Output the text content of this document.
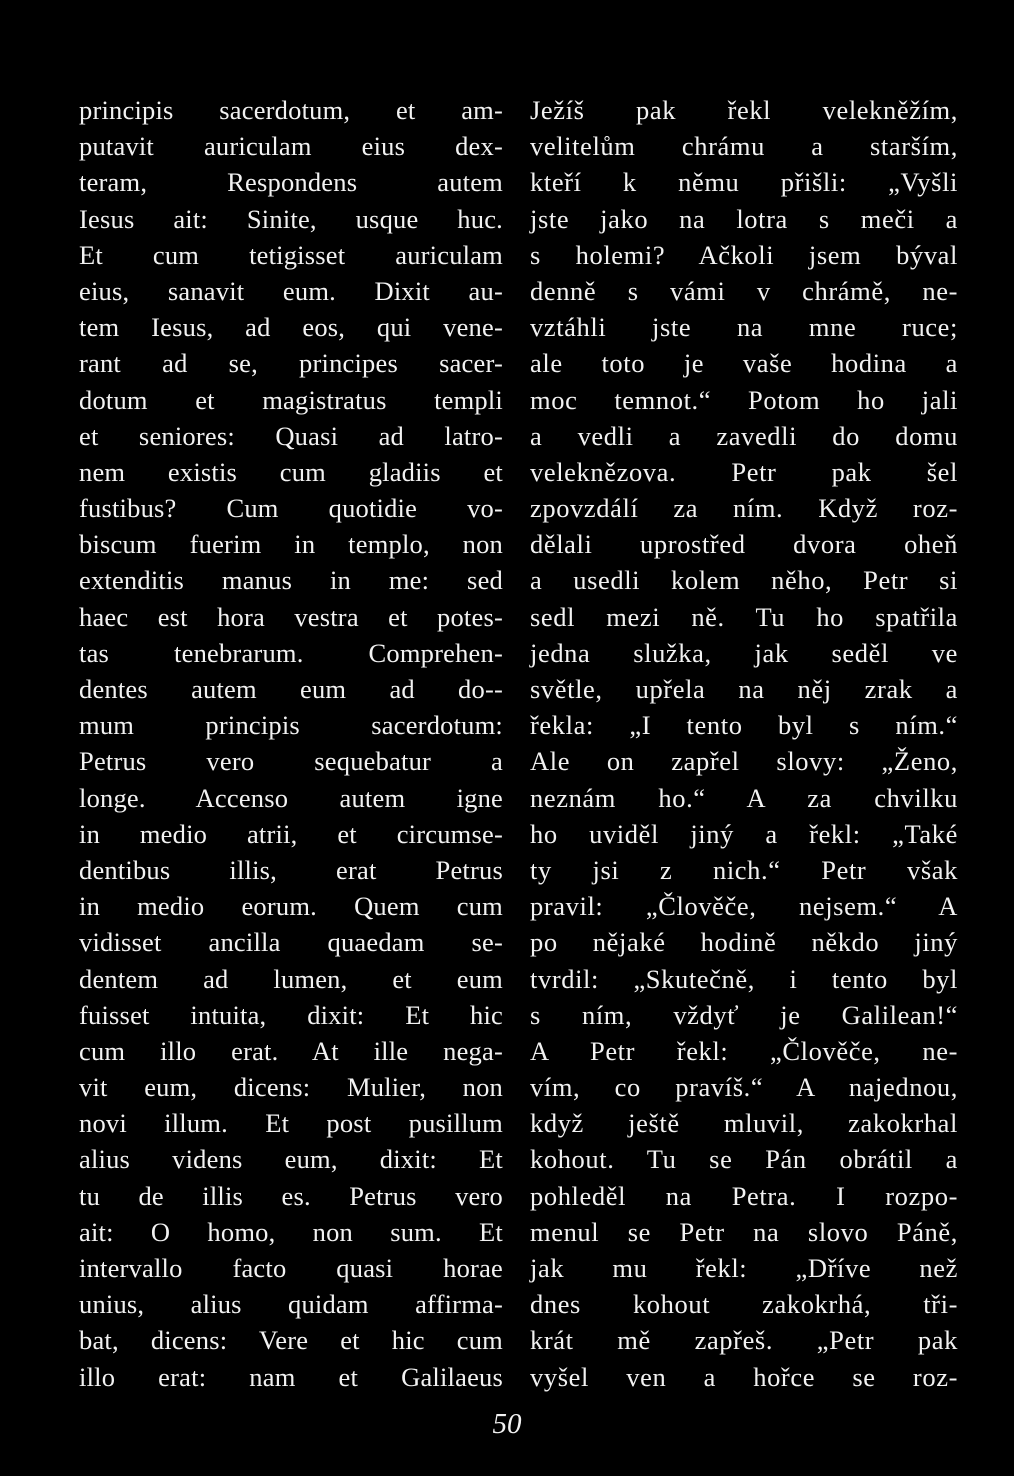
principis sacerdotum, et am-
putavit auriculam eius dex-
teram, Respondens autem
Iesus ait: Sinite, usque huc.
Et cum tetigisset auriculam
eius, sanavit eum. Dixit au-
tem Iesus, ad eos, qui vene-
rant ad se, principes sacer-
dotum et magistratus templi
et seniores: Quasi ad latro-
nem existis cum gladiis et
fustibus? Cum quotidie vo-
biscum fuerim in templo, non
extenditis manus in me: sed
haec est hora vestra et potes-
tas tenebrarum. Comprehen-
dentes autem eum ad do--
mum principis sacerdotum:
Petrus vero sequebatur a
longe. Accenso autem igne
in medio atrii, et circumse-
dentibus illis, erat Petrus
in medio eorum. Quem cum
vidisset ancilla quaedam se-
dentem ad lumen, et eum
fuisset intuita, dixit: Et hic
cum illo erat. At ille nega-
vit eum, dicens: Mulier, non
novi illum. Et post pusillum
alius videns eum, dixit: Et
tu de illis es. Petrus vero
ait: O homo, non sum. Et
intervallo facto quasi horae
unius, alius quidam affirma-
bat, dicens: Vere et hic cum
illo erat: nam et Galilaeus
Ježíš pak řekl velekněžím,
velitelům chrámu a starším,
kteří k němu přišli: „Vyšli
jste jako na lotra s meči a
s holemi? Ačkoli jsem býval
denně s vámi v chrámě, ne-
vztáhli jste na mne ruce;
ale toto je vaše hodina a
moc temnot.“ Potom ho jali
a vedli a zavedli do domu
veleknězova. Petr pak šel
zpovzdálí za ním. Když roz-
dělali uprostřed dvora oheň
a usedli kolem něho, Petr si
sedl mezi ně. Tu ho spatřila
jedna služka, jak seděl ve
světle, upřela na něj zrak a
řekla: „I tento byl s ním.“
Ale on zapřel slovy: „Ženo,
neznám ho.“ A za chvilku
ho uviděl jiný a řekl: „Také
ty jsi z nich.“ Petr však
pravil: „Člověče, nejsem.“ A
po nějaké hodině někdo jiný
tvrdil: „Skutečně, i tento byl
s ním, vždyť je Galilean!“
A Petr řekl: „Člověče, ne-
vím, co pravíš.“ A najednou,
když ještě mluvil, zakokrhal
kohout. Tu se Pán obrátil a
pohleděl na Petra. I rozpo-
menul se Petr na slovo Páně,
jak mu řekl: „Dříve než
dnes kohout zakokrhá, tři-
krát mě zapřeš. „Petr pak
vyšel ven a hořce se roz-
50
